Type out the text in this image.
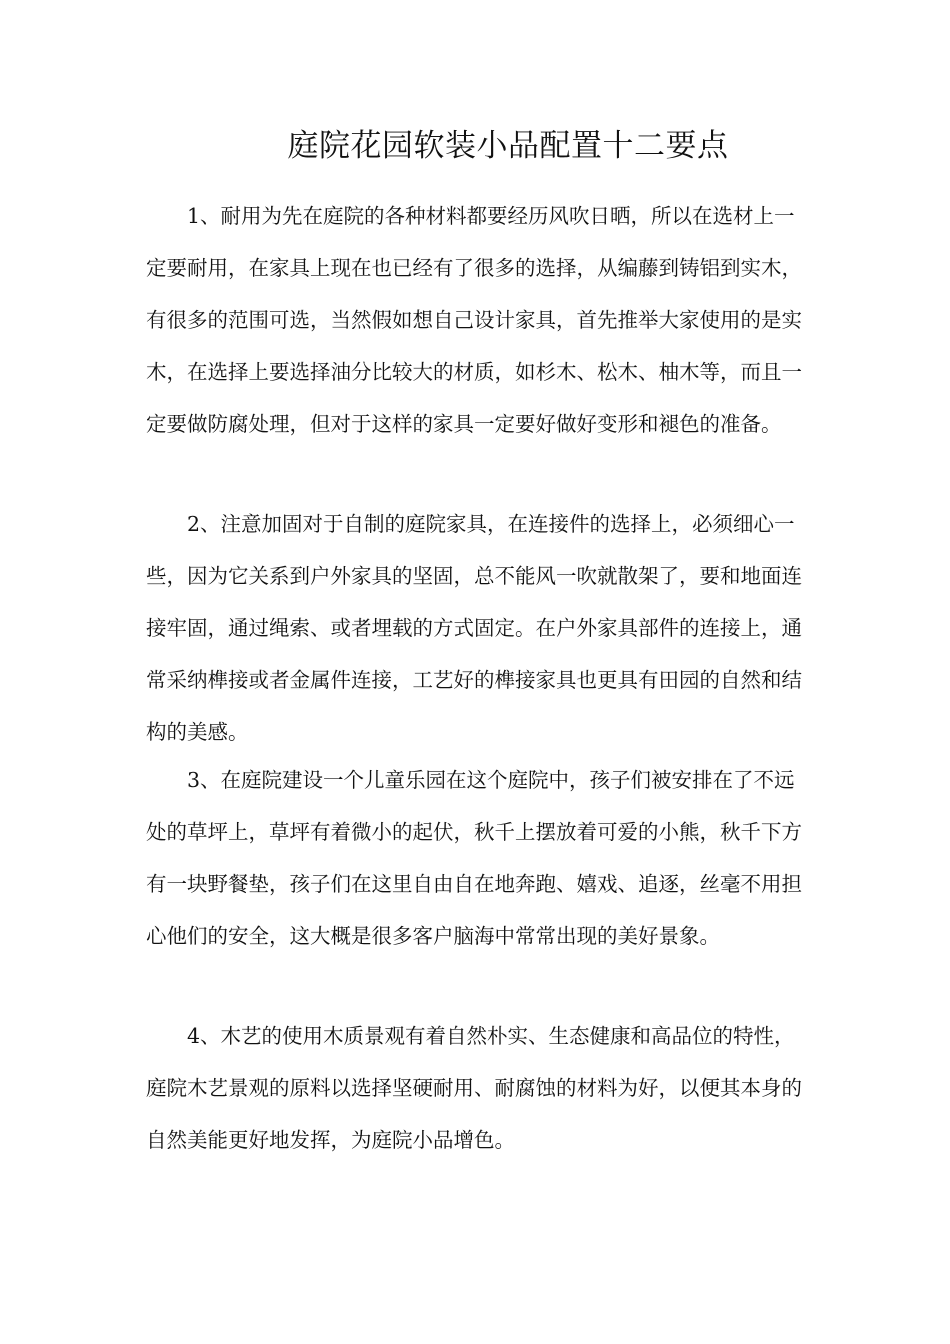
庭院花园软装小品配置十二要点

1、耐用为先在庭院的各种材料都要经历风吹日晒，所以在选材上一定要耐用，在家具上现在也已经有了很多的选择，从编藤到铸铝到实木，有很多的范围可选，当然假如想自己设计家具，首先推举大家使用的是实木，在选择上要选择油分比较大的材质，如杉木、松木、柚木等，而且一定要做防腐处理，但对于这样的家具一定要好做好变形和褪色的准备。

2、注意加固对于自制的庭院家具，在连接件的选择上，必须细心一些，因为它关系到户外家具的坚固，总不能风一吹就散架了，要和地面连接牢固，通过绳索、或者埋载的方式固定。在户外家具部件的连接上，通常采纳榫接或者金属件连接，工艺好的榫接家具也更具有田园的自然和结构的美感。

3、在庭院建设一个儿童乐园在这个庭院中，孩子们被安排在了不远处的草坪上，草坪有着微小的起伏，秋千上摆放着可爱的小熊，秋千下方有一块野餐垫，孩子们在这里自由自在地奔跑、嬉戏、追逐，丝毫不用担心他们的安全，这大概是很多客户脑海中常常出现的美好景象。

4、木艺的使用木质景观有着自然朴实、生态健康和高品位的特性，庭院木艺景观的原料以选择坚硬耐用、耐腐蚀的材料为好，以便其本身的自然美能更好地发挥，为庭院小品增色。
